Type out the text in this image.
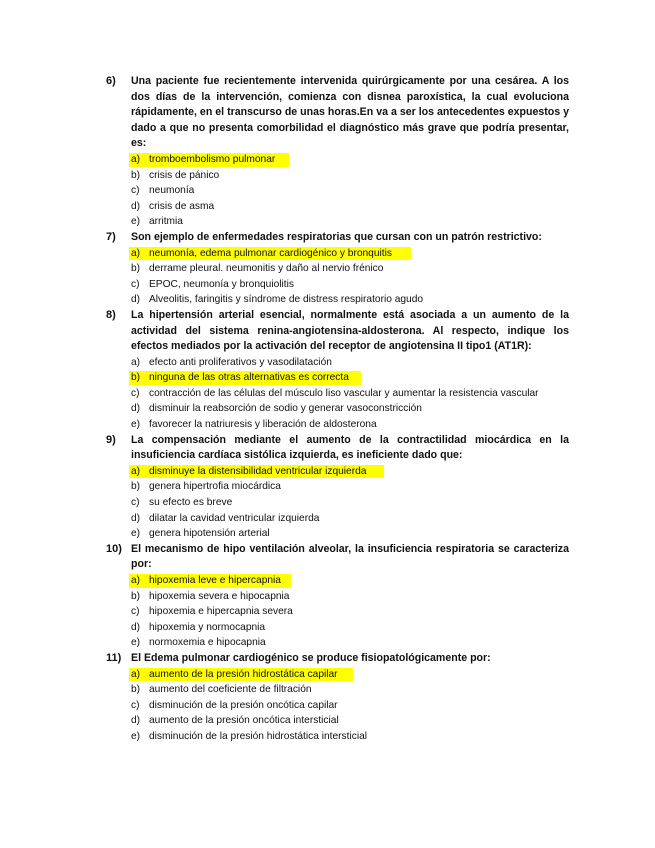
6)	Una paciente fue recientemente intervenida quirúrgicamente por una cesárea. A los dos días de la intervención, comienza con disnea paroxística, la cual evoluciona rápidamente, en el transcurso de unas horas.En va a ser los antecedentes expuestos y dado a que no presenta comorbilidad el diagnóstico más grave que podría presentar, es:
a) tromboembolismo pulmonar
b) crisis de pánico
c) neumonía
d) crisis de asma
e) arritmia
7)	Son ejemplo de enfermedades respiratorias que cursan con un patrón restrictivo:
a) neumonía, edema pulmonar cardiogénico y bronquitis
b) derrame pleural. neumonitis y daño al nervio frénico
c) EPOC, neumonía y bronquiolitis
d) Alveolitis, faringitis y síndrome de distress respiratorio agudo
8)	La hipertensión arterial esencial, normalmente está asociada a un aumento de la actividad del sistema renina-angiotensina-aldosterona. Al respecto, indique los efectos mediados por la activación del receptor de angiotensina II tipo1 (AT1R):
a) efecto anti proliferativos y vasodilatación
b) ninguna de las otras alternativas es correcta
c) contracción de las células del músculo liso vascular y aumentar la resistencia vascular
d) disminuir la reabsorción de sodio y generar vasoconstricción
e) favorecer la natriuresis y liberación de aldosterona
9)	La compensación mediante el aumento de la contractilidad miocárdica en la insuficiencia cardíaca sistólica izquierda, es ineficiente dado que:
a) disminuye la distensibilidad ventricular izquierda
b) genera hipertrofia miocárdica
c) su efecto es breve
d) dilatar la cavidad ventricular izquierda
e) genera hipotensión arterial
10) El mecanismo de hipo ventilación alveolar, la insuficiencia respiratoria se caracteriza por:
a) hipoxemia leve e hipercapnia
b) hipoxemia severa e hipocapnia
c) hipoxemia e hipercapnia severa
d) hipoxemia y normocapnia
e) normoxemia e hipocapnia
11) El Edema pulmonar cardiogénico se produce fisiopatológicamente por:
a) aumento de la presión hidrostática capilar
b) aumento del coeficiente de filtración
c) disminución de la presión oncótica capilar
d) aumento de la presión oncótica intersticial
e) disminución de la presión hidrostática intersticial
